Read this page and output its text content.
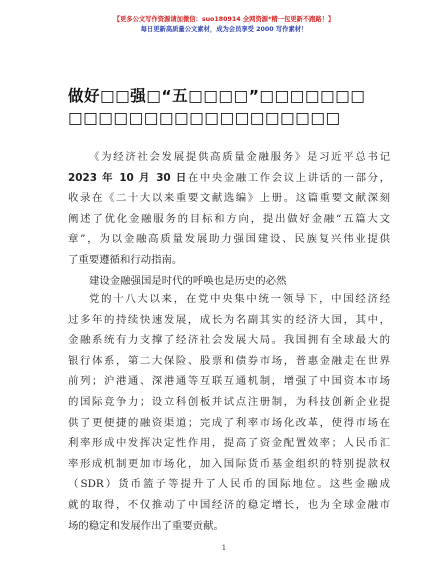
【更多公文写作资源请加微信：suo180914 全网资源*精一包更新不跑路！】
每日更新高质量公文素材，成为会员享受 2000 写作素材！
做好□□强□“五□□□□”□□□□□□□
□□□□□□□□□□□□□□□□□□
《为经济社会发展提供高质量金融服务》是习近平总书记
2023 年 10 月 30 日在中央金融工作会议上讲话的一部分，
收录在《二十大以来重要文献选编》上册。这篇重要文献深刻
阐述了优化金融服务的目标和方向，提出做好金融“五篇大文
章”，为以金融高质量发展助力强国建设、民族复兴伟业提供
了重要遵循和行动指南。
建设金融强国是时代的呼唤也是历史的必然
党的十八大以来，在党中央集中统一领导下，中国经济经
过多年的持续快速发展，成长为名副其实的经济大国，其中，
金融系统有力支撑了经济社会发展大局。我国拥有全球最大的
银行体系，第二大保险、股票和债券市场，普惠金融走在世界
前列；沪港通、深港通等互联互通机制，增强了中国资本市场
的国际竞争力；设立科创板并试点注册制，为科技创新企业提
供了更便捷的融资渠道；完成了利率市场化改革，使得市场在
利率形成中发挥决定性作用，提高了资金配置效率；人民币汇
率形成机制更加市场化，加入国际货币基金组织的特别提款权
（SDR）货币篮子等提升了人民币的国际地位。这些金融成
就的取得，不仅推动了中国经济的稳定增长，也为全球金融市
场的稳定和发展作出了重要贡献。
1
